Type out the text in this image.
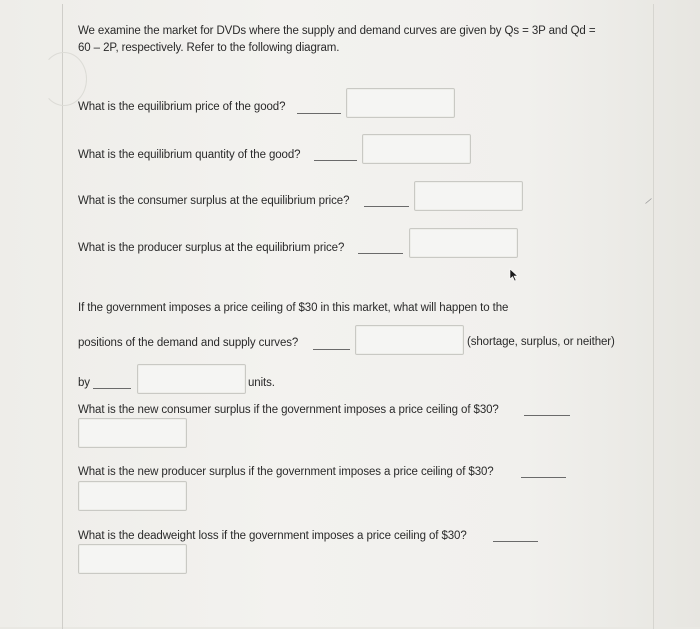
We examine the market for DVDs where the supply and demand curves are given by Qs = 3P and Qd =
60 – 2P, respectively. Refer to the following diagram.
What is the equilibrium price of the good?
What is the equilibrium quantity of the good?
What is the consumer surplus at the equilibrium price?
What is the producer surplus at the equilibrium price?
If the government imposes a price ceiling of $30 in this market, what will happen to the
positions of the demand and supply curves?	(shortage, surplus, or neither)
by	units.
What is the new consumer surplus if the government imposes a price ceiling of $30?
What is the new producer surplus if the government imposes a price ceiling of $30?
What is the deadweight loss if the government imposes a price ceiling of $30?
